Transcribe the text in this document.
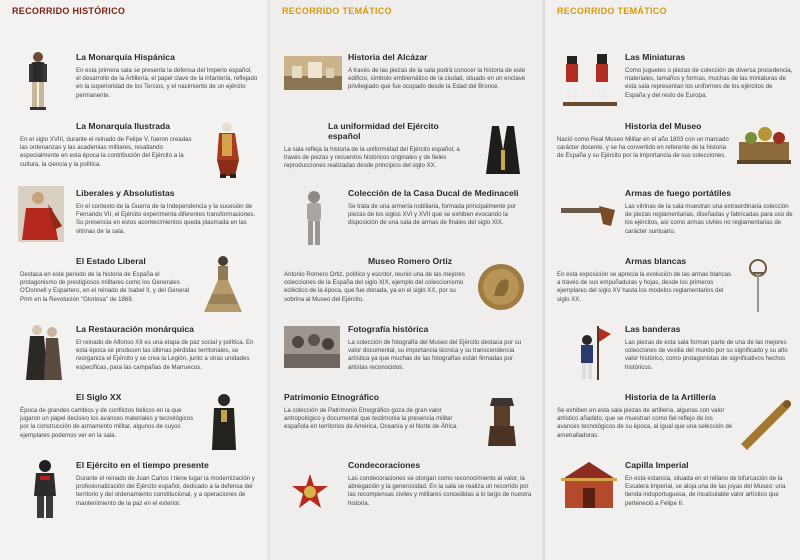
RECORRIDO HISTÓRICO
La Monarquía Hispánica

En esta primera sala se presenta la defensa del Imperio español, el desarrollo de la Artillería, el papel clave de la infantería, reflejado en la superioridad de los Tercios, y el nacimiento de un ejército permanente.

La Monarquía Ilustrada

En el siglo XVIII, durante el reinado de Felipe V, fueron creadas las ordenanzas y las academias militares, resaltando especialmente en esta época la contribución del Ejército a la cultura, la ciencia y la política.

Liberales y Absolutistas

En el contexto de la Guerra de la Independencia y la sucesión de Fernando VII, el Ejército experimenta diferentes transformaciones. Su presencia en estos acontecimientos queda plasmada en las vitrinas de la sala.

El Estado Liberal

Destaca en este periodo de la historia de España el protagonismo de prestigiosos militares como los Generales O'Donnell y Espartero, en el reinado de Isabel II, y del General Prim en la Revolución "Gloriosa" de 1868.

La Restauración monárquica

El reinado de Alfonso XII es una etapa de paz social y política. En esta época se producen las últimas pérdidas territoriales, se reorganiza el Ejército y se crea la Legión, junto a otras unidades específicas, para las campañas de Marruecos.

El Siglo XX

Época de grandes cambios y de conflictos bélicos en la que jugaron un papel decisivo los avances materiales y tecnológicos por la construcción de armamento militar, algunos de cuyos ejemplares podemos ver en la sala.

El Ejército en el tiempo presente

Durante el reinado de Juan Carlos I tiene lugar la modernización y profesionalización del Ejército español, dedicado a la defensa del territorio y del ordenamiento constitucional, y a operaciones de mantenimiento de la paz en el exterior.

RECORRIDO TEMÁTICO
Historia del Alcázar

A través de las piezas de la sala podrá conocer la historia de este edificio, símbolo emblemático de la ciudad, situado en un enclave privilegiado que fue ocupado desde la Edad del Bronce.

La uniformidad del Ejército español

La sala refleja la historia de la uniformidad del Ejército español, a través de piezas y recuerdos históricos originales y de fieles reproducciones realizadas desde principios del siglo XX.

Colección de la Casa Ducal de Medinaceli

Se trata de una armería nobiliaria, formada principalmente por piezas de los siglos XVI y XVII que se exhiben evocando la disposición de una sala de armas de finales del siglo XIX.

Museo Romero Ortiz

Antonio Romero Ortiz, político y escritor, reunió una de las mejores colecciones de la España del siglo XIX, ejemplo del coleccionismo ecléctico de la época, que fue donada, ya en el siglo XX, por su sobrina al Museo del Ejército.

Fotografía histórica

La colección de fotografía del Museo del Ejército destaca por su valor documental, su importancia técnica y su transcendencia artística ya que muchas de las fotografías están firmadas por artistas reconocidos.

Patrimonio Etnográfico

La colección de Patrimonio Etnográfico goza de gran valor antropológico y documental que testimonia la presencia militar española en territorios de América, Oceanía y el Norte de África.

Condecoraciones

Las condecoraciones se otorgan como reconocimiento al valor, la abnegación y la generosidad. En la sala se realiza un recorrido por las recompensas civiles y militares concedidas a lo largo de nuestra historia.

RECORRIDO TEMÁTICO
Las Miniaturas

Como juguetes o piezas de colección de diversa procedencia, materiales, tamaños y formas, muchas de las miniaturas de esta sala representan los uniformes de los ejércitos de España y del resto de Europa.

Historia del Museo

Nació como Real Museo Militar en el año 1803 con un marcado carácter docente, y se ha convertido en referente de la historia de España y su Ejército por la importancia de sus colecciones.

Armas de fuego portátiles

Las vitrinas de la sala muestran una extraordinaria colección de piezas reglamentarias, diseñadas y fabricadas para uso de los ejércitos, así como armas civiles no reglamentarias de carácter suntuario.

Armas blancas

En esta exposición se aprecia la evolución de las armas blancas a través de sus empuñaduras y hojas, desde los primeros ejemplares del siglo XV hasta los modelos reglamentarios del siglo XX.

Las banderas

Las piezas de esta sala forman parte de una de las mejores colecciones de vexilia del mundo por su significado y su alto valor histórico, como protagonistas de significativos hechos históricos.

Historia de la Artillería

Se exhiben en esta sala piezas de artillería, algunas con valor artístico añadido, que se muestran como fiel reflejo de los avances tecnológicos de su época, al igual que una selección de ametralladoras.

Capilla Imperial

En esta estancia, situada en el rellano de bifurcación de la Escalera Imperial, se aloja una de las joyas del Museo: una tienda indoportuguesa, de incalculable valor artístico que perteneció a Felipe II.
